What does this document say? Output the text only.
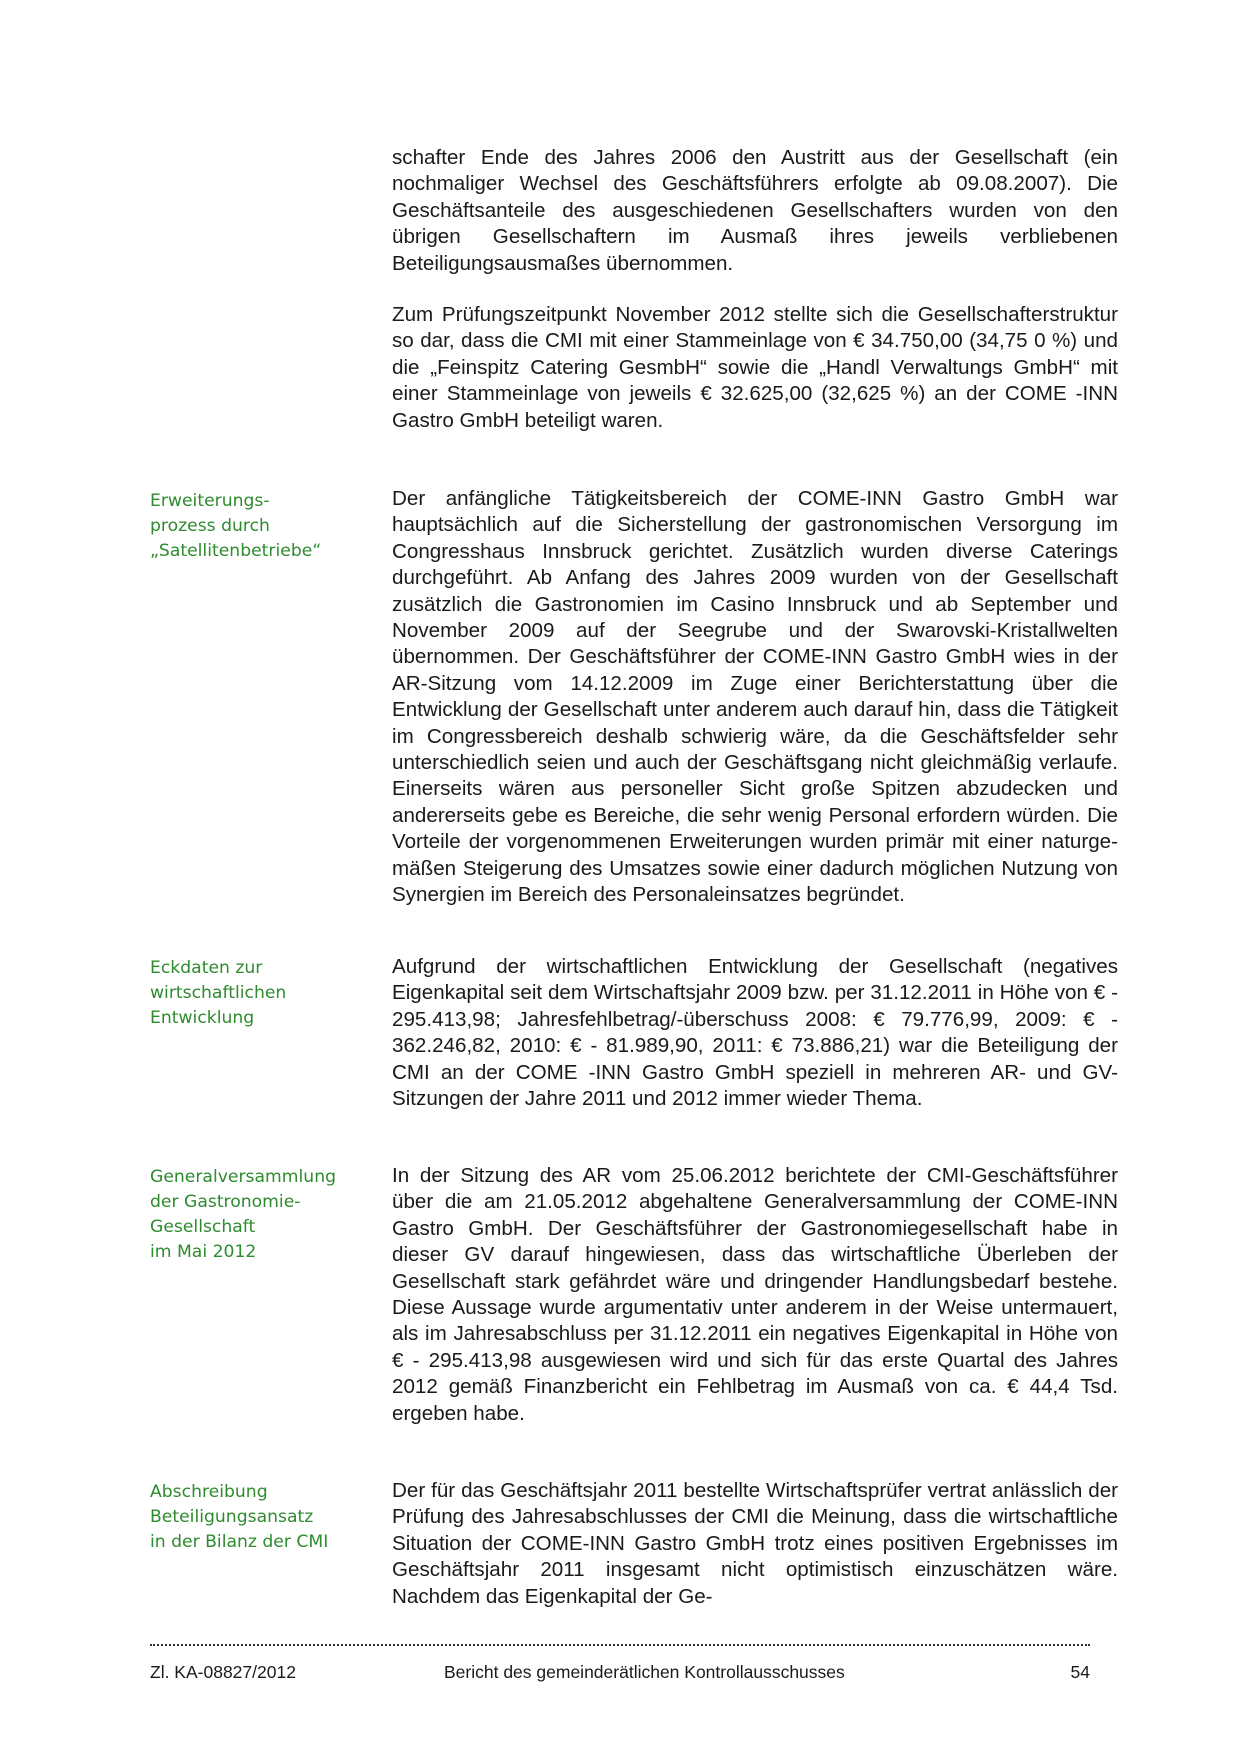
schafter Ende des Jahres 2006 den Austritt aus der Gesellschaft (ein nochmaliger Wechsel des Geschäftsführers erfolgte ab 09.08.2007). Die Geschäftsanteile des ausgeschiedenen Gesellschafters wurden von den übrigen Gesellschaftern im Ausmaß ihres jeweils verbliebenen Beteiligungsausmaßes übernommen.

Zum Prüfungszeitpunkt November 2012 stellte sich die Gesellschafterstruktur so dar, dass die CMI mit einer Stammeinlage von € 34.750,00 (34,75 0 %) und die „Feinspitz Catering GesmbH“ sowie die „Handl Verwaltungs GmbH“ mit einer Stammeinlage von jeweils € 32.625,00 (32,625 %) an der COME -INN Gastro GmbH beteiligt waren.

Erweiterungs-
prozess durch
„Satellitenbetriebe“

Der anfängliche Tätigkeitsbereich der COME-INN Gastro GmbH war hauptsächlich auf die Sicherstellung der gastronomischen Versorgung im Congresshaus Innsbruck gerichtet. Zusätzlich wurden diverse Caterings durchgeführt. Ab Anfang des Jahres 2009 wurden von der Gesellschaft zusätzlich die Gastronomien im Casino Innsbruck und ab September und November 2009 auf der Seegrube und der Swarovski-Kristallwelten übernommen. Der Geschäftsführer der COME-INN Gastro GmbH wies in der AR-Sitzung vom 14.12.2009 im Zuge einer Berichterstattung über die Entwicklung der Gesellschaft unter anderem auch darauf hin, dass die Tätigkeit im Congressbereich deshalb schwierig wäre, da die Geschäftsfelder sehr unterschiedlich seien und auch der Geschäftsgang nicht gleichmäßig verlaufe. Einerseits wären aus personeller Sicht große Spitzen abzudecken und andererseits gebe es Bereiche, die sehr wenig Personal erfordern würden. Die Vorteile der vorgenommenen Erweiterungen wurden primär mit einer naturgemäßen Steigerung des Umsatzes sowie einer dadurch möglichen Nutzung von Synergien im Bereich des Personaleinsatzes begründet.

Eckdaten zur
wirtschaftlichen
Entwicklung

Aufgrund der wirtschaftlichen Entwicklung der Gesellschaft (negatives Eigenkapital seit dem Wirtschaftsjahr 2009 bzw. per 31.12.2011 in Höhe von € - 295.413,98; Jahresfehlbetrag/-überschuss 2008: € 79.776,99, 2009: € - 362.246,82, 2010: € - 81.989,90, 2011: € 73.886,21) war die Beteiligung der CMI an der COME -INN Gastro GmbH speziell in mehreren AR- und GV-Sitzungen der Jahre 2011 und 2012 immer wieder Thema.

Generalversammlung
der Gastronomie-
Gesellschaft
im Mai 2012

In der Sitzung des AR vom 25.06.2012 berichtete der CMI-Geschäftsführer über die am 21.05.2012 abgehaltene Generalversammlung der COME-INN Gastro GmbH. Der Geschäftsführer der Gastronomiegesellschaft habe in dieser GV darauf hingewiesen, dass das wirtschaftliche Überleben der Gesellschaft stark gefährdet wäre und dringender Handlungsbedarf bestehe. Diese Aussage wurde argumentativ unter anderem in der Weise untermauert, als im Jahresabschluss per 31.12.2011 ein negatives Eigenkapital in Höhe von € - 295.413,98 ausgewiesen wird und sich für das erste Quartal des Jahres 2012 gemäß Finanzbericht ein Fehlbetrag im Ausmaß von ca. € 44,4 Tsd. ergeben habe.

Abschreibung
Beteiligungsansatz
in der Bilanz der CMI

Der für das Geschäftsjahr 2011 bestellte Wirtschaftsprüfer vertrat anlässlich der Prüfung des Jahresabschlusses der CMI die Meinung, dass die wirtschaftliche Situation der COME-INN Gastro GmbH trotz eines positiven Ergebnisses im Geschäftsjahr 2011 insgesamt nicht optimistisch einzuschätzen wäre. Nachdem das Eigenkapital der Ge-

Zl. KA-08827/2012	Bericht des gemeinderätlichen Kontrollausschusses	54
